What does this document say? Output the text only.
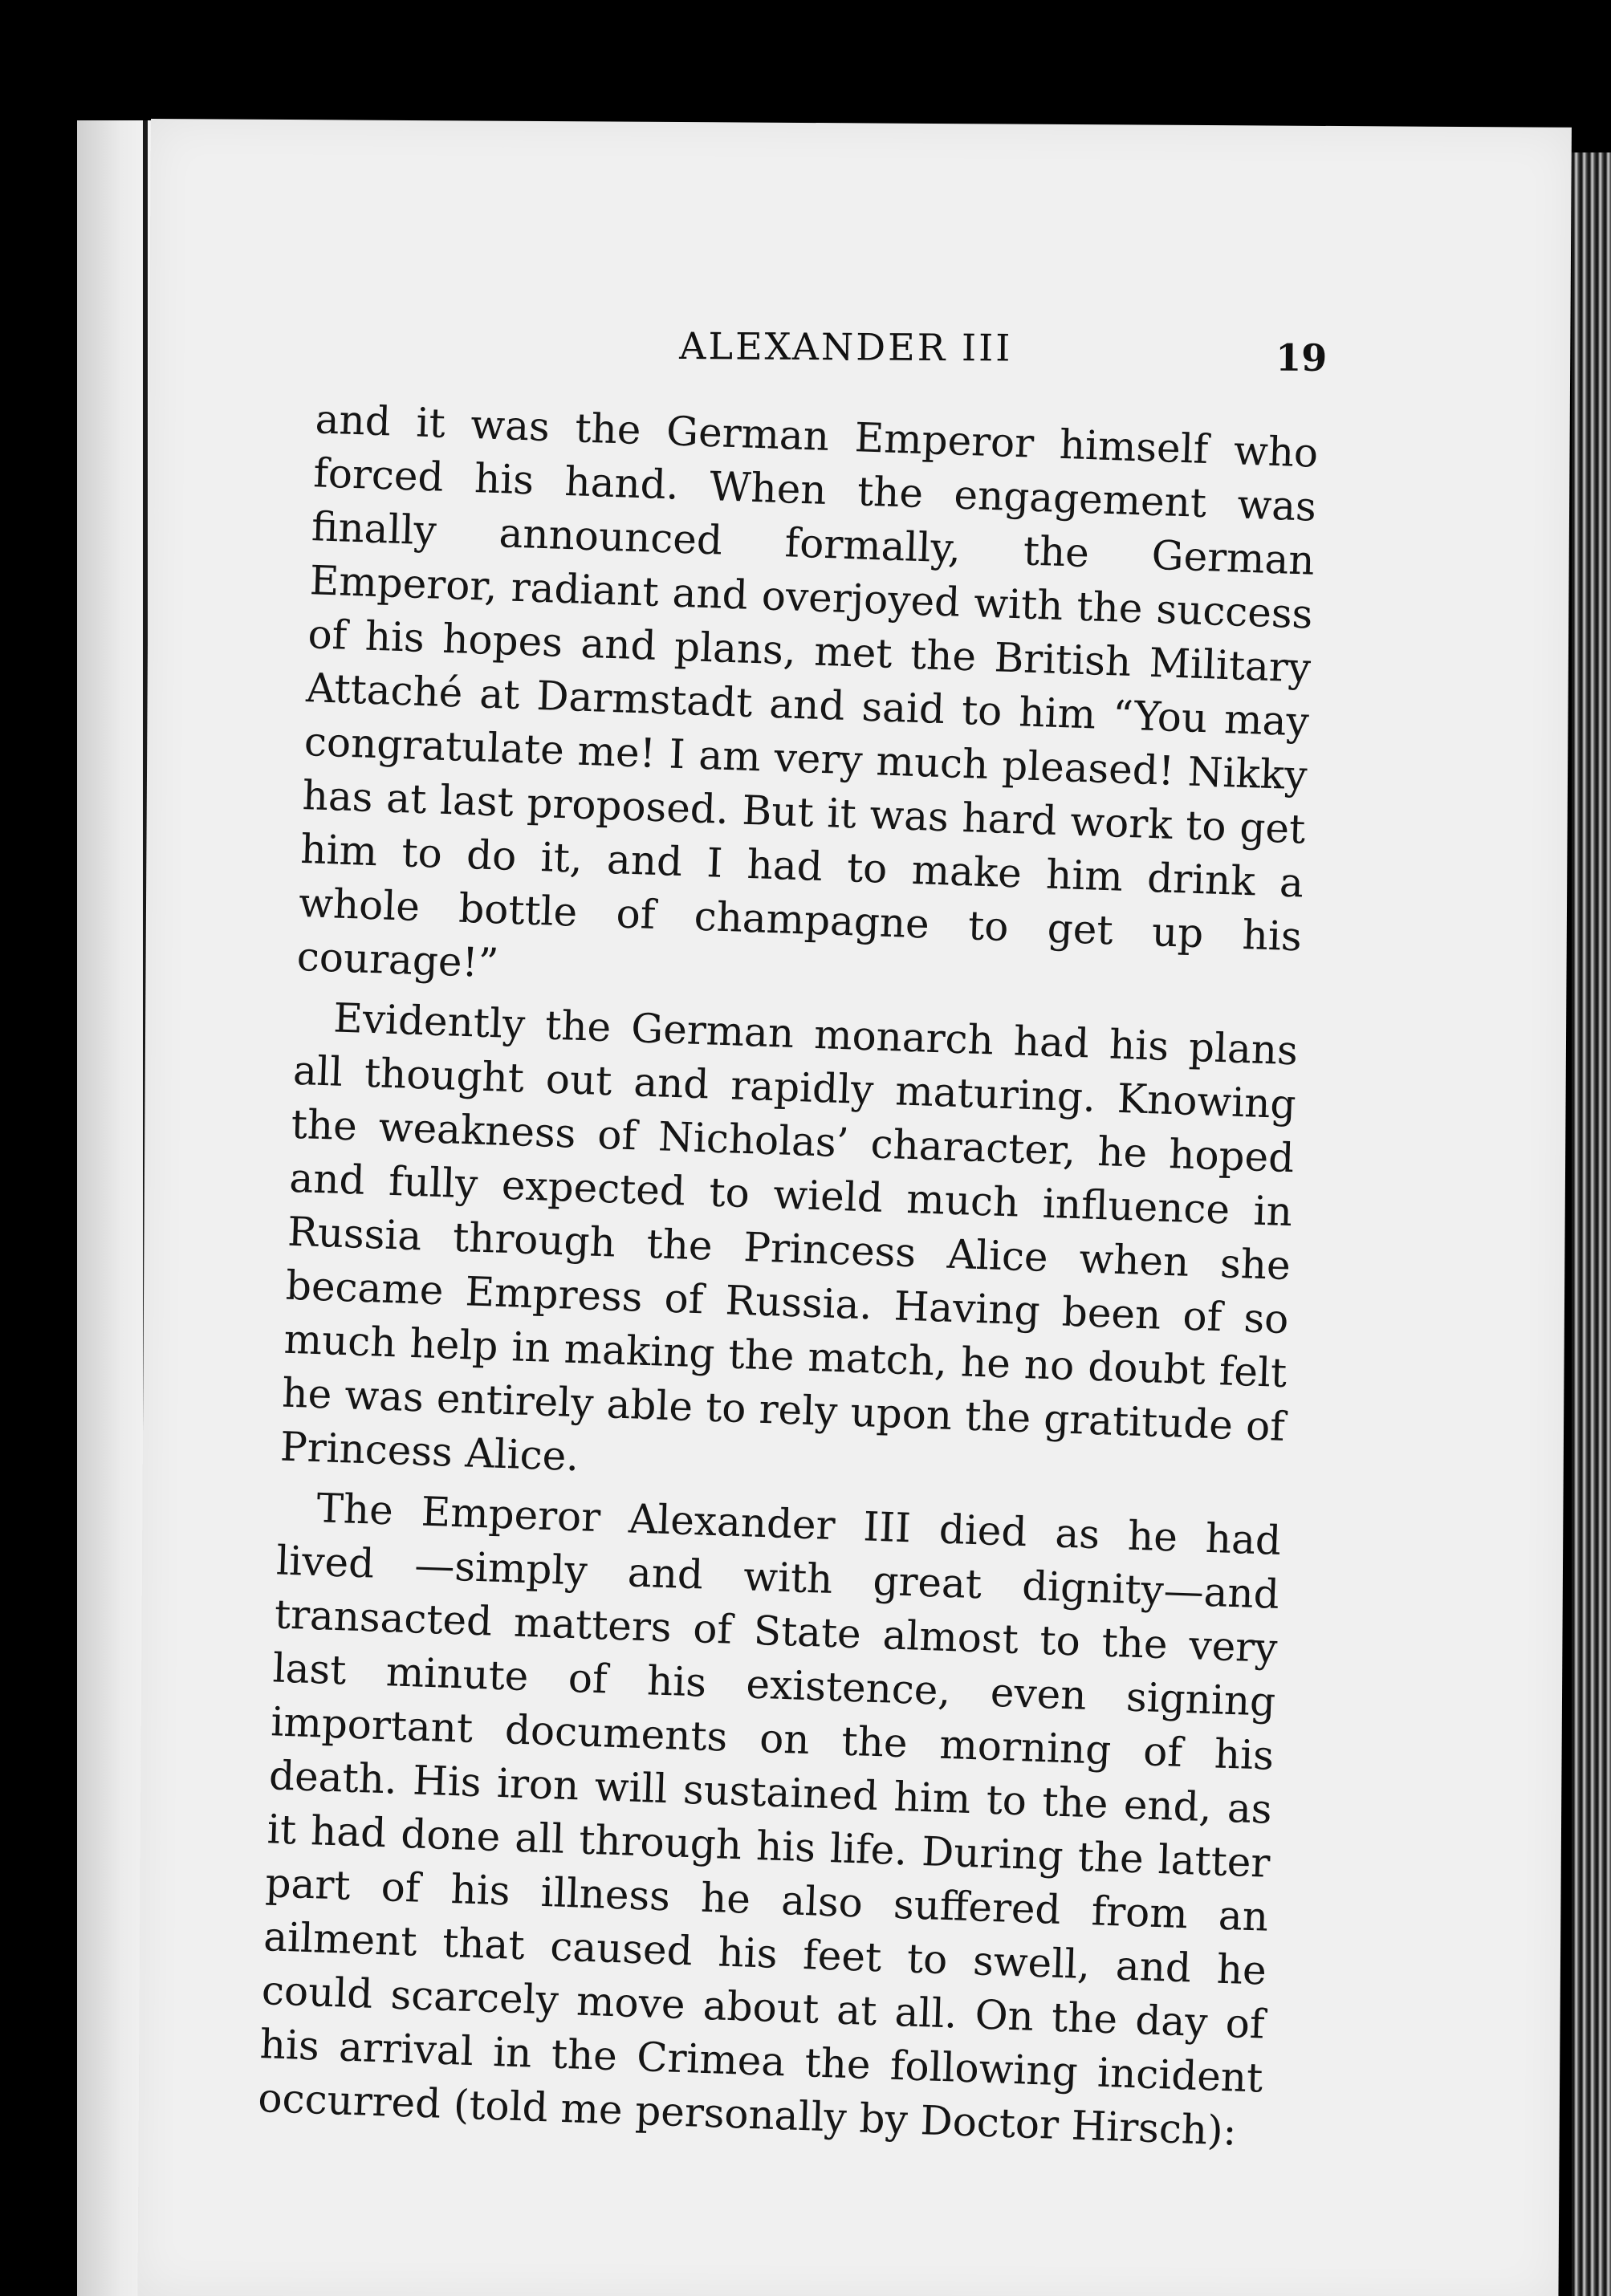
ALEXANDER III	19

and it was the German Emperor himself who forced his hand. When the engagement was finally announced formally, the German Emperor, radiant and overjoyed with the success of his hopes and plans, met the British Military Attaché at Darmstadt and said to him “You may congratulate me! I am very much pleased! Nikky has at last proposed. But it was hard work to get him to do it, and I had to make him drink a whole bottle of champagne to get up his courage!”

Evidently the German monarch had his plans all thought out and rapidly maturing. Knowing the weakness of Nicholas’ character, he hoped and fully expected to wield much influence in Russia through the Princess Alice when she became Empress of Russia. Having been of so much help in making the match, he no doubt felt he was entirely able to rely upon the gratitude of Princess Alice.

The Emperor Alexander III died as he had lived —simply and with great dignity—and transacted matters of State almost to the very last minute of his existence, even signing important documents on the morning of his death. His iron will sustained him to the end, as it had done all through his life. During the latter part of his illness he also suffered from an ailment that caused his feet to swell, and he could scarcely move about at all. On the day of his arrival in the Crimea the following incident occurred (told me personally by Doctor Hirsch):
